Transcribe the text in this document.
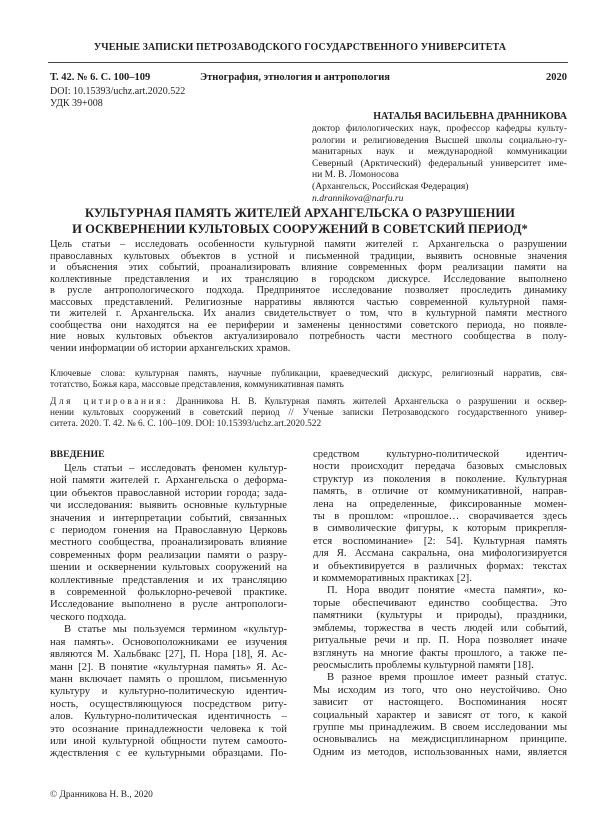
УЧЕНЫЕ ЗАПИСКИ ПЕТРОЗАВОДСКОГО ГОСУДАРСТВЕННОГО УНИВЕРСИТЕТА
Т. 42. № 6. С. 100–109	Этнография, этнология и антропология	2020
DOI: 10.15393/uchz.art.2020.522
УДК 39+008
НАТАЛЬЯ ВАСИЛЬЕВНА ДРАННИКОВА
доктор филологических наук, профессор кафедры культу-
рологии и религиоведения Высшей школы социально-гу-
манитарных наук и международной коммуникации
Северный (Арктический) федеральный университет име-
ни М. В. Ломоносова
(Архангельск, Российская Федерация)
n.drannikova@narfu.ru
КУЛЬТУРНАЯ ПАМЯТЬ ЖИТЕЛЕЙ АРХАНГЕЛЬСКА О РАЗРУШЕНИИ
И ОСКВЕРНЕНИИ КУЛЬТОВЫХ СООРУЖЕНИЙ В СОВЕТСКИЙ ПЕРИОД*
Цель статьи – исследовать особенности культурной памяти жителей г. Архангельска о разрушении
православных культовых объектов в устной и письменной традиции, выявить основные значения
и объяснения этих событий, проанализировать влияние современных форм реализации памяти на
коллективные представления и их трансляцию в городском дискурсе. Исследование выполнено
в русле антропологического подхода. Предпринятое исследование позволяет проследить динамику
массовых представлений. Религиозные нарративы являются частью современной культурной памя-
ти жителей г. Архангельска. Их анализ свидетельствует о том, что в культурной памяти местного
сообщества они находятся на ее периферии и заменены ценностями советского периода, но появле-
ние новых культовых объектов актуализировало потребность части местного сообщества в полу-
чении информации об истории архангельских храмов.
Ключевые слова: культурная память, научные публикации, краеведческий дискурс, религиозный нарратив, свя-
тотатство, Божья кара, массовые представления, коммуникативная память
Для цитирования: Дранникова Н. В. Культурная память жителей Архангельска о разрушении и осквер-
нении культовых сооружений в советский период // Ученые записки Петрозаводского государственного универ-
ситета. 2020. Т. 42. № 6. С. 100–109. DOI: 10.15393/uchz.art.2020.522
ВВЕДЕНИЕ
Цель статьи – исследовать феномен культур-
ной памяти жителей г. Архангельска о деформа-
ции объектов православной истории города; зада-
чи исследования: выявить основные культурные
значения и интерпретации событий, связанных
с периодом гонения на Православную Церковь
местного сообщества, проанализировать влияние
современных форм реализации памяти о разру-
шении и осквернении культовых сооружений на
коллективные представления и их трансляцию
в современной фольклорно-речевой практике.
Исследование выполнено в русле антропологи-
ческого подхода.
В статье мы пользуемся термином «культур-
ная память». Основоположниками ее изучения
являются М. Хальбвакс [27], П. Нора [18], Я. Ас-
манн [2]. В понятие «культурная память» Я. Ас-
манн включает память о прошлом, письменную
культуру и культурно-политическую идентич-
ность, осуществляющуюся посредством риту-
алов. Культурно-политическая идентичность –
это осознание принадлежности человека к той
или иной культурной общности путем самоото-
ждествления с ее культурными образцами. По-
средством культурно-политической идентич-
ности происходит передача базовых смысловых
структур из поколения в поколение. Культурная
память, в отличие от коммуникативной, направ-
лена на определенные, фиксированные момен-
ты в прошлом: «прошлое… сворачивается здесь
в символические фигуры, к которым прикрепля-
ется воспоминание» [2: 54]. Культурная память
для Я. Ассмана сакральна, она мифологизируется
и объективируется в различных формах: текстах
и коммеморативных практиках [2].
П. Нора вводит понятие «места памяти», ко-
торые обеспечивают единство сообщества. Это
памятники (культуры и природы), праздники,
эмблемы, торжества в честь людей или событий,
ритуальные речи и пр. П. Нора позволяет иначе
взглянуть на многие факты прошлого, а также пе-
реосмыслить проблемы культурной памяти [18].
В разное время прошлое имеет разный статус.
Мы исходим из того, что оно неустойчиво. Оно
зависит от настоящего. Воспоминания носят
социальный характер и зависят от того, к какой
группе мы принадлежим. В своем исследовании мы
основывались на междисциплинарном принципе.
Одним из методов, использованных нами, является
© Дранникова Н. В., 2020
